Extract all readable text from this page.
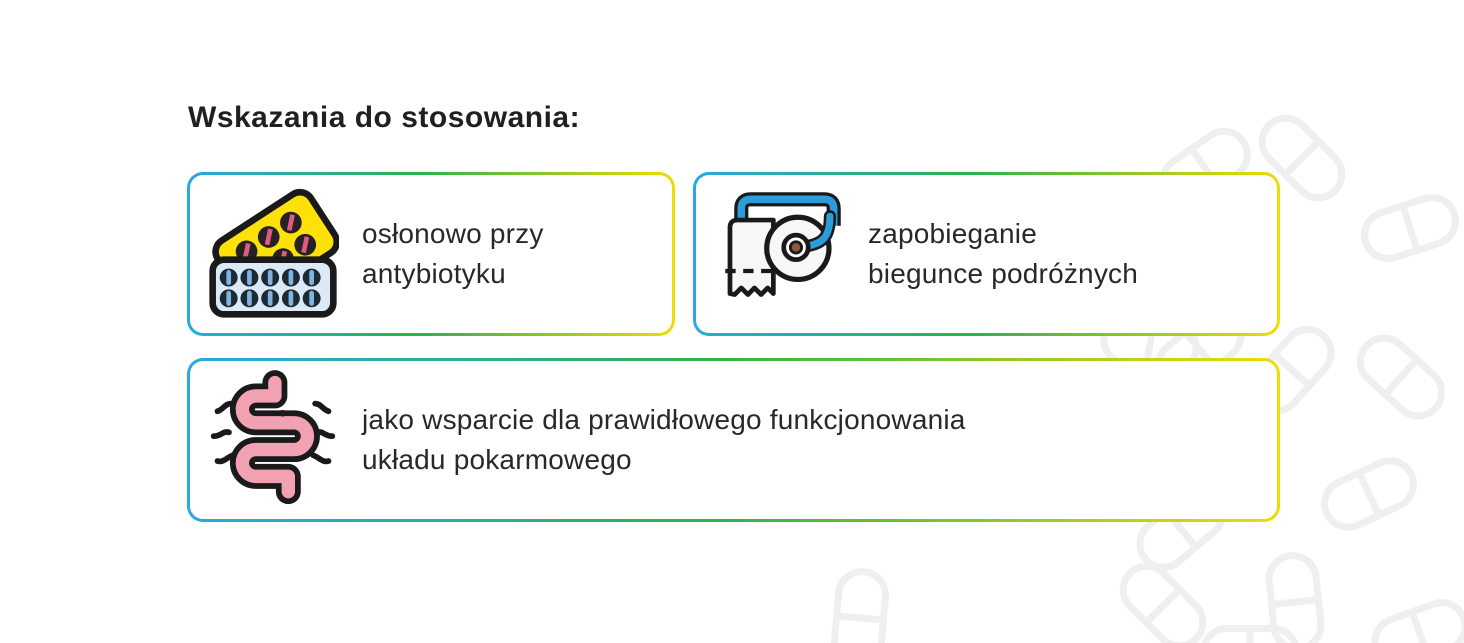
Wskazania do stosowania:
osłonowo przy
antybiotyku
zapobieganie
biegunce podróżnych
jako wsparcie dla prawidłowego funkcjonowania
układu pokarmowego
